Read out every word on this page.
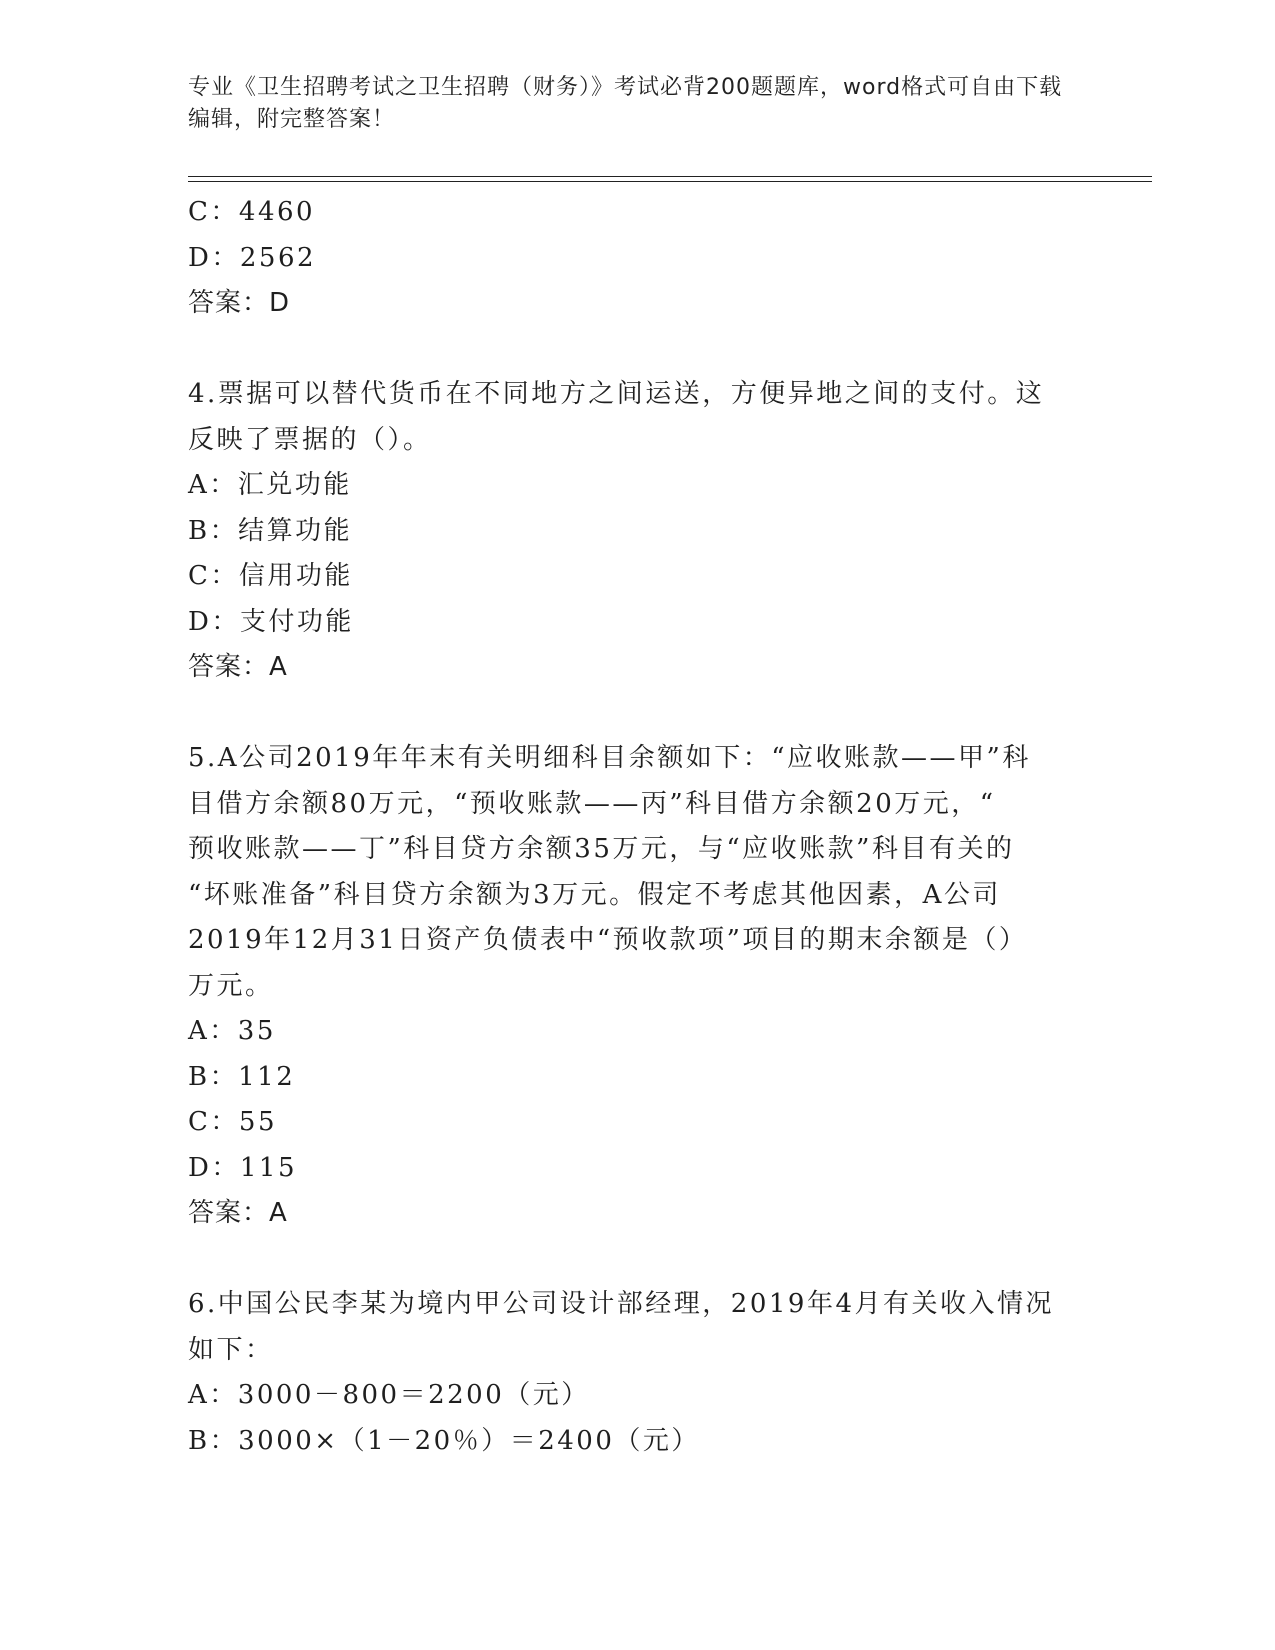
专业《卫生招聘考试之卫生招聘（财务）》考试必背200题题库，word格式可自由下载编辑，附完整答案！
C：4460
D：2562
答案：D
4.票据可以替代货币在不同地方之间运送，方便异地之间的支付。这
反映了票据的（）。
A：汇兑功能
B：结算功能
C：信用功能
D：支付功能
答案：A
5.A公司2019年年末有关明细科目余额如下：“应收账款——甲”科
目借方余额80万元，“预收账款——丙”科目借方余额20万元，“
预收账款——丁”科目贷方余额35万元，与“应收账款”科目有关的
“坏账准备”科目贷方余额为3万元。假定不考虑其他因素，A公司
2019年12月31日资产负债表中“预收款项”项目的期末余额是（）
万元。
A：35
B：112
C：55
D：115
答案：A
6.中国公民李某为境内甲公司设计部经理，2019年4月有关收入情况
如下：
A：3000－800＝2200（元）
B：3000×（1－20％）＝2400（元）
